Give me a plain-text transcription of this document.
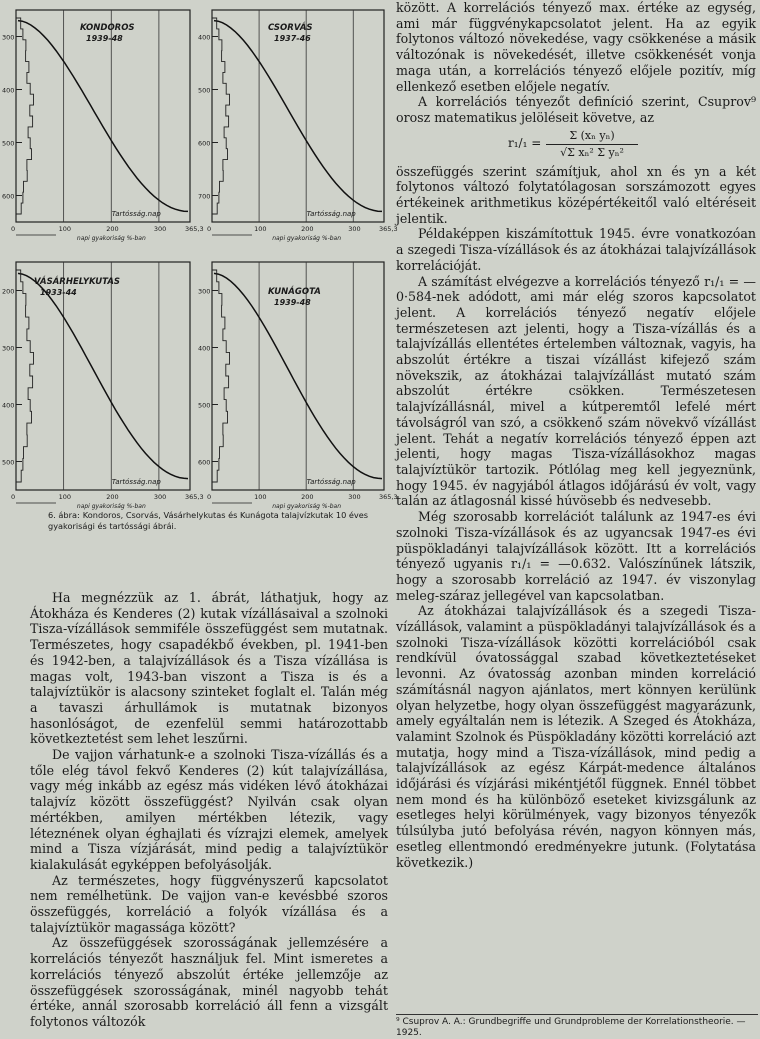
300
400
500
600
0	100	200	300	365,3
Tartósság.nap
napi gyakoriság %-ban
KONDOROS
1939-48	400
500
600
700
0	100	200	300	365,3
Tartósság.nap
napi gyakoriság %-ban
CSORVÁS
1937-46
200
300
400
500
0	100	200	300	365,3
Tartósság.nap
napi gyakoriság %-ban
VÁSÁRHELYKUTAS
1933-44	300
400
500
600
0	100	200	300	365,3
Tartósság.nap
napi gyakoriság %-ban
KUNÁGOTA
1939-48
6. ábra: Kondoros, Csorvás, Vásárhelykutas és Kunágota talajvízkutak 10 éves gyakorisági és tartóssági ábrái.

Ha megnézzük az 1. ábrát, láthatjuk, hogy az Átokháza és Kenderes (2) kutak vízállásaival a szolnoki Tisza-vízállások semmiféle összefüggést sem mutatnak. Természetes, hogy csapadékbő években, pl. 1941-ben és 1942-ben, a talajvízállások és a Tisza vízállása is magas volt, 1943-ban viszont a Tisza is és a talajvíztükör is alacsony szinteket foglalt el. Talán még a tavaszi árhullámok is mutatnak bizonyos hasonlóságot, de ezenfelül semmi határozottabb következtetést sem lehet leszűrni.

De vajjon várhatunk-e a szolnoki Tisza-vízállás és a tőle elég távol fekvő Kenderes (2) kút talajvízállása, vagy még inkább az egész más vidéken lévő átokházai talajvíz között összefüggést? Nyilván csak olyan mértékben, amilyen mértékben létezik, vagy léteznének olyan éghajlati és vízrajzi elemek, amelyek mind a Tisza vízjárását, mind pedig a talajvíztükör kialakulását egyképpen befolyásolják.

Az természetes, hogy függvényszerű kapcsolatot nem remélhetünk. De vajjon van-e kevésbbé szoros összefüggés, korreláció a folyók vízállása és a talajvíztükör magassága között?

Az összefüggések szorosságának jellemzésére a korrelációs tényezőt használjuk fel. Mint ismeretes a korrelációs tényező abszolút értéke jellemzője az összefüggések szorosságának, minél nagyobb tehát értéke, annál szorosabb korreláció áll fenn a vizsgált folytonos változók

között. A korrelációs tényező max. értéke az egység, ami már függvénykapcsolatot jelent. Ha az egyik folytonos változó növekedése, vagy csökkenése a másik változónak is növekedését, illetve csökkenését vonja maga után, a korrelációs tényező előjele pozitív, míg ellenkező esetben előjele negatív.

A korrelációs tényezőt definíció szerint, Csuprov⁹ orosz matematikus jelöléseit követve, az

$r_1/_1 = \frac{\text{Σ (xₙ yₙ)}}{\text{√Σ xₙ² Σ yₙ²}}$

összefüggés szerint számítjuk, ahol xn és yn a két folytonos változó folytatólagosan sorszámozott egyes értékeinek arithmetikus középértékeitől való eltéréseit jelentik.

Példaképpen kiszámítottuk 1945. évre vonatkozóan a szegedi Tisza-vízállások és az átokházai talajvízállások korrelációját.

A számítást elvégezve a korrelációs tényező r₁/₁ = —0·584-nek adódott, ami már elég szoros kapcsolatot jelent. A korrelációs tényező negatív előjele természetesen azt jelenti, hogy a Tisza-vízállás és a talajvízállás ellentétes értelemben változnak, vagyis, ha abszolút értékre a tiszai vízállást kifejező szám növekszik, az átokházai talajvízállást mutató szám abszolút értékre csökken. Természetesen talajvízállásnál, mivel a kútperemtől lefelé mért távolságról van szó, a csökkenő szám növekvő vízállást jelent. Tehát a negatív korrelációs tényező éppen azt jelenti, hogy magas Tisza-vízállásokhoz magas talajvíztükör tartozik. Pótlólag meg kell jegyeznünk, hogy 1945. év nagyjából átlagos időjárású év volt, vagy talán az átlagosnál kissé húvösebb és nedvesebb.

Még szorosabb korrelációt találunk az 1947-es évi szolnoki Tisza-vízállások és az ugyancsak 1947-es évi püspökladányi talajvízállások között. Itt a korrelációs tényező ugyanis r₁/₁ = —0.632. Valószínűnek látszik, hogy a szorosabb korreláció az 1947. év viszonylag meleg-száraz jellegével van kapcsolatban.

Az átokházai talajvízállások és a szegedi Tisza-vízállások, valamint a püspökladányi talajvízállások és a szolnoki Tisza-vízállások közötti korrelációból csak rendkívül óvatossággal szabad következtetéseket levonni. Az óvatosság azonban minden korreláció számításnál nagyon ajánlatos, mert könnyen kerülünk olyan helyzetbe, hogy olyan összefüggést magyarázunk, amely egyáltalán nem is létezik. A Szeged és Átokháza, valamint Szolnok és Püspökladány közötti korreláció azt mutatja, hogy mind a Tisza-vízállások, mind pedig a talajvízállások az egész Kárpát-medence általános időjárási és vízjárási mikéntjétől függnek. Ennél többet nem mond és ha különböző eseteket kivizsgálunk az esetleges helyi körülmények, vagy bizonyos tényezők túlsúlyba jutó befolyása révén, nagyon könnyen más, esetleg ellentmondó eredményekre jutunk. (Folytatása következik.)

⁹ Csuprov A. A.: Grundbegriffe und Grundprobleme der Korrelationstheorie. — 1925.
